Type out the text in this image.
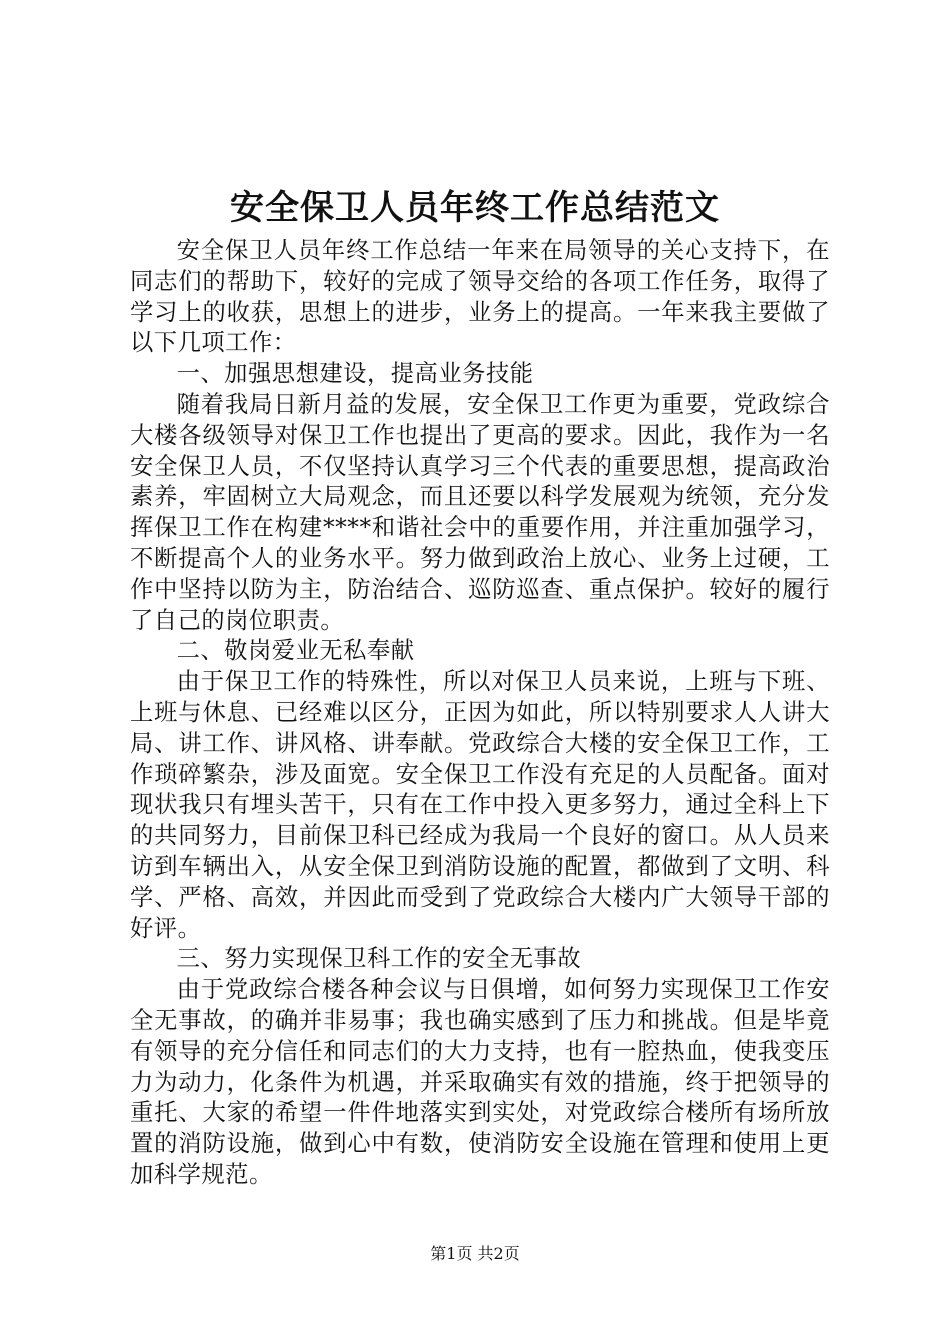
安全保卫人员年终工作总结范文

安全保卫人员年终工作总结一年来在局领导的关心支持下，在同志们的帮助下，较好的完成了领导交给的各项工作任务，取得了学习上的收获，思想上的进步，业务上的提高。一年来我主要做了以下几项工作：

一、加强思想建设，提高业务技能

随着我局日新月益的发展，安全保卫工作更为重要，党政综合大楼各级领导对保卫工作也提出了更高的要求。因此，我作为一名安全保卫人员，不仅坚持认真学习三个代表的重要思想，提高政治素养，牢固树立大局观念，而且还要以科学发展观为统领，充分发挥保卫工作在构建****和谐社会中的重要作用，并注重加强学习，不断提高个人的业务水平。努力做到政治上放心、业务上过硬，工作中坚持以防为主，防治结合、巡防巡查、重点保护。较好的履行了自己的岗位职责。

二、敬岗爱业无私奉献

由于保卫工作的特殊性，所以对保卫人员来说，上班与下班、上班与休息、已经难以区分，正因为如此，所以特别要求人人讲大局、讲工作、讲风格、讲奉献。党政综合大楼的安全保卫工作，工作琐碎繁杂，涉及面宽。安全保卫工作没有充足的人员配备。面对现状我只有埋头苦干，只有在工作中投入更多努力，通过全科上下的共同努力，目前保卫科已经成为我局一个良好的窗口。从人员来访到车辆出入，从安全保卫到消防设施的配置，都做到了文明、科学、严格、高效，并因此而受到了党政综合大楼内广大领导干部的好评。

三、努力实现保卫科工作的安全无事故

由于党政综合楼各种会议与日俱增，如何努力实现保卫工作安全无事故，的确并非易事；我也确实感到了压力和挑战。但是毕竟有领导的充分信任和同志们的大力支持，也有一腔热血，使我变压力为动力，化条件为机遇，并采取确实有效的措施，终于把领导的重托、大家的希望一件件地落实到实处，对党政综合楼所有场所放置的消防设施，做到心中有数，使消防安全设施在管理和使用上更加科学规范。

第1页 共2页
